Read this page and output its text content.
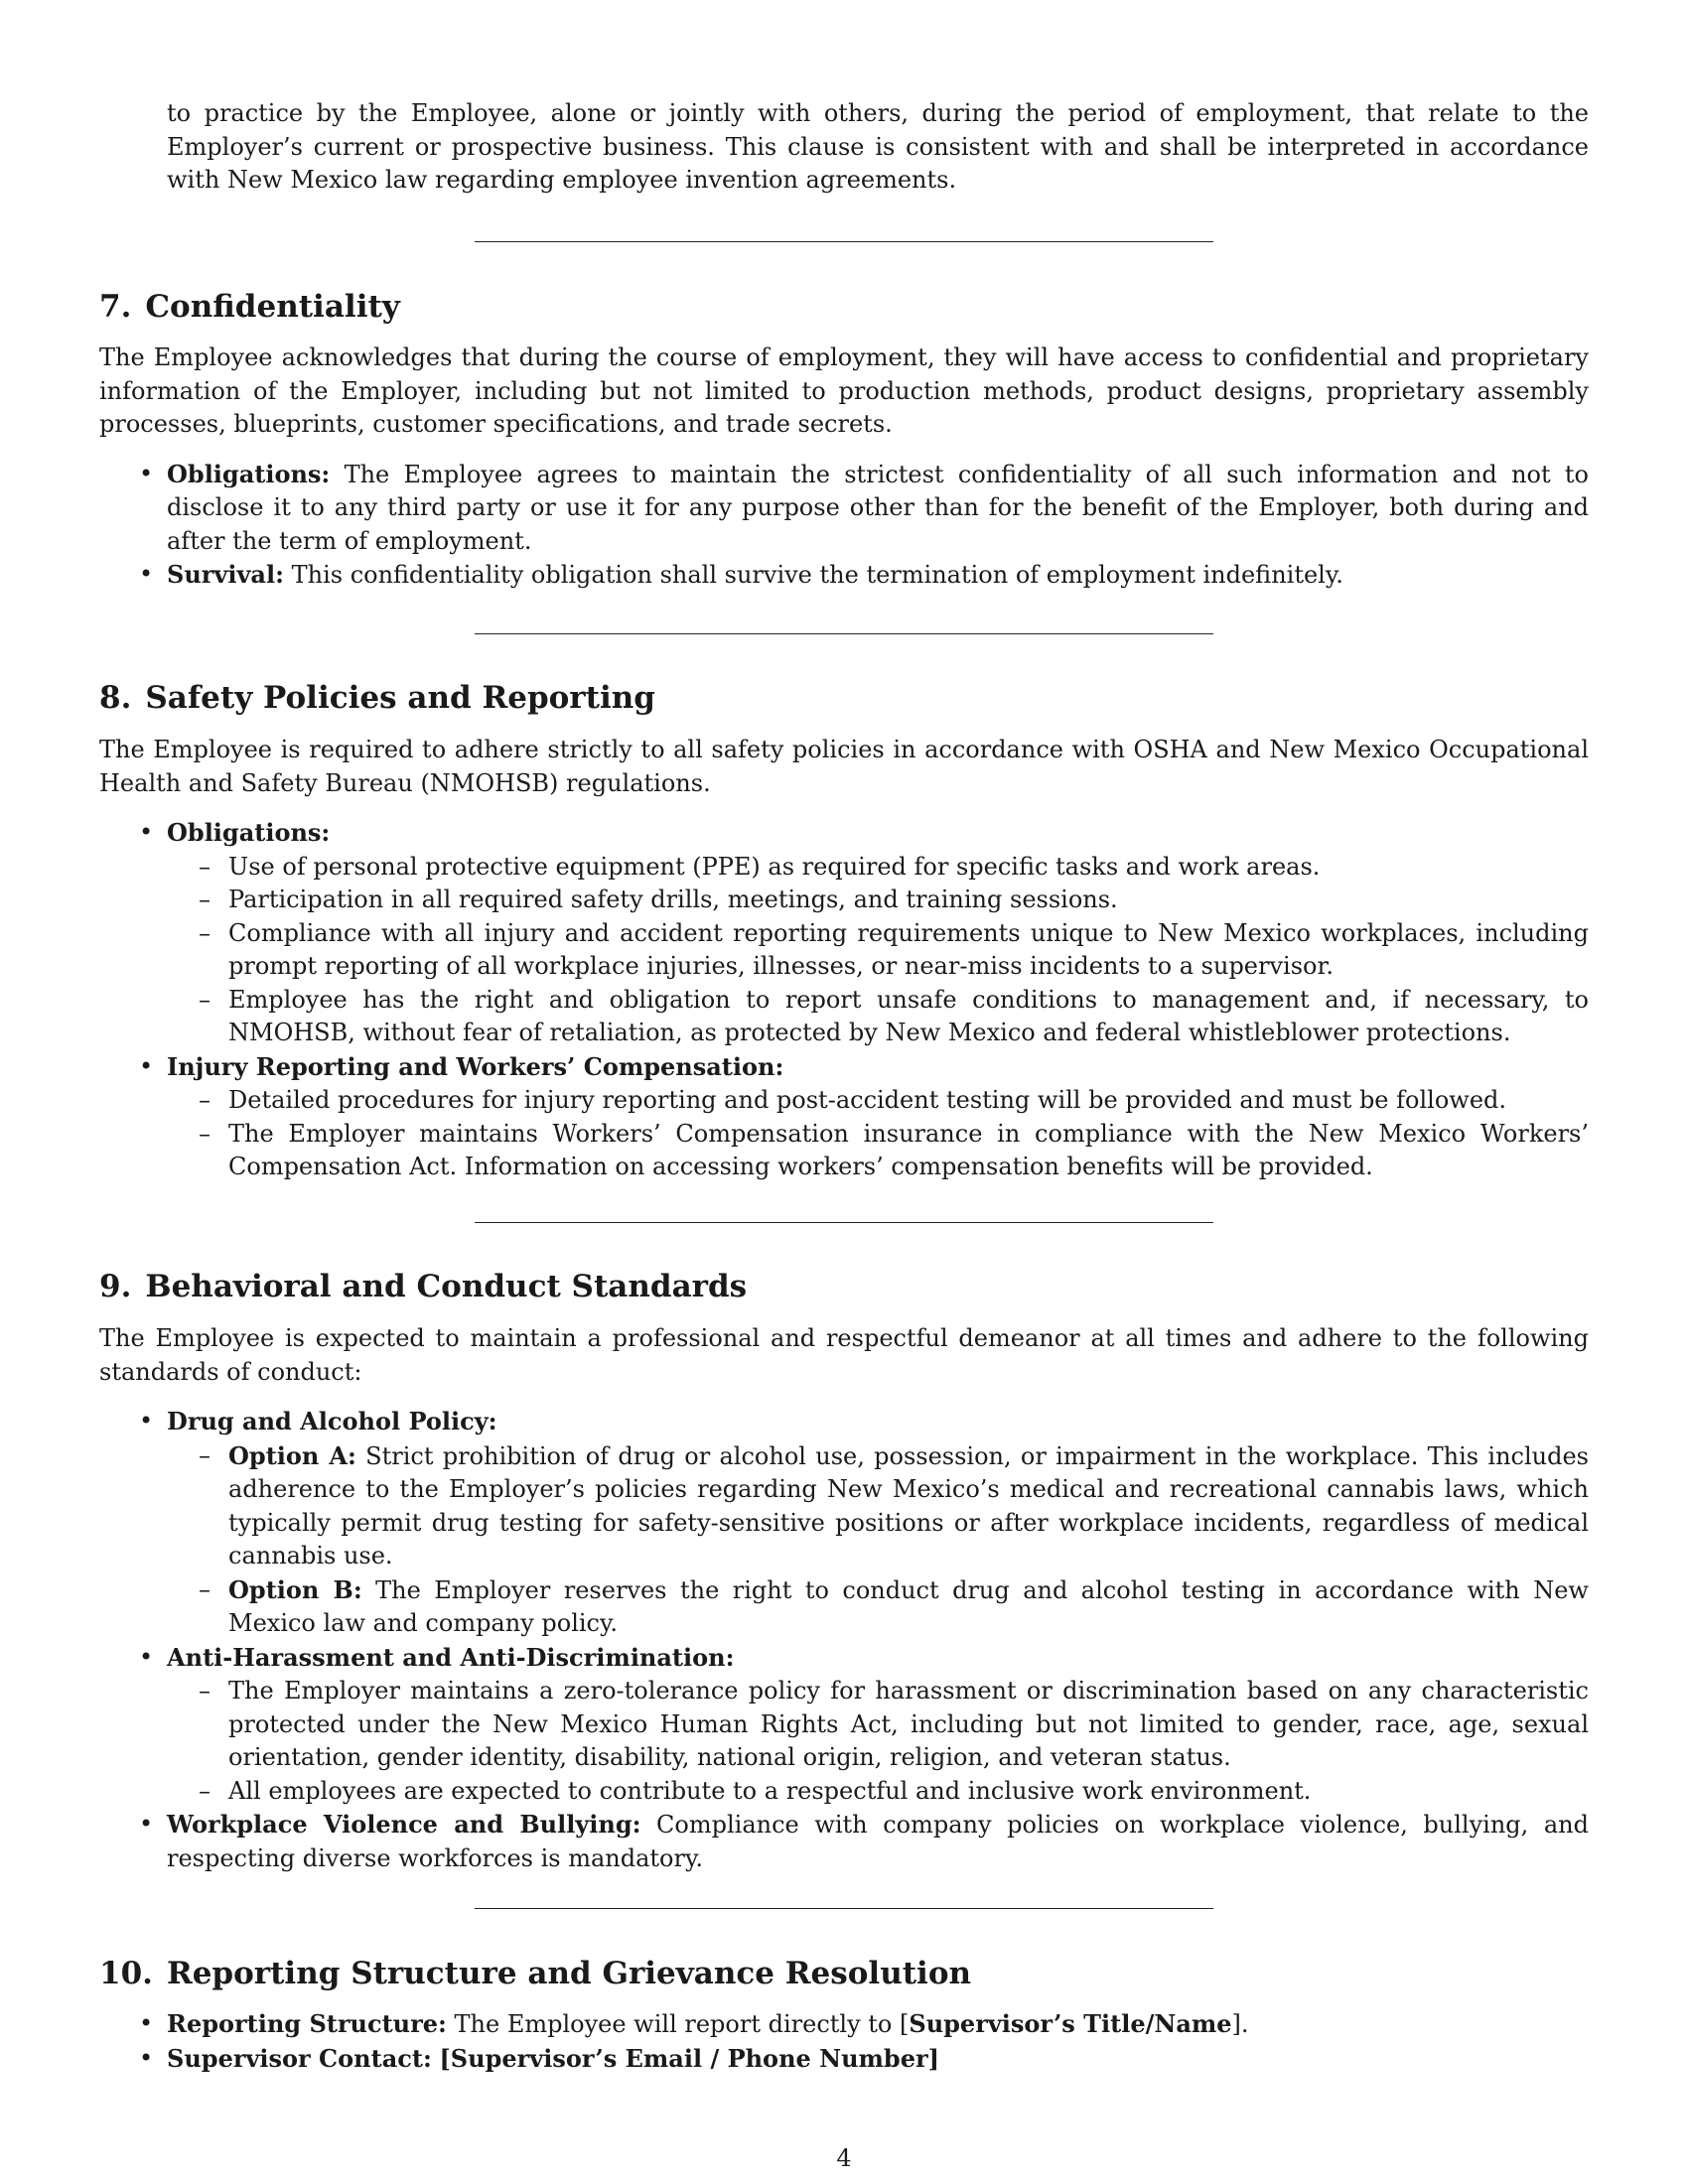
to practice by the Employee, alone or jointly with others, during the period of employment, that relate to the Employer’s current or prospective business. This clause is consistent with and shall be interpreted in accordance with New Mexico law regarding employee invention agreements.

7. Confidentiality

The Employee acknowledges that during the course of employment, they will have access to confidential and proprietary information of the Employer, including but not limited to production methods, product designs, proprietary assembly processes, blueprints, customer specifications, and trade secrets.

• Obligations: The Employee agrees to maintain the strictest confidentiality of all such information and not to disclose it to any third party or use it for any purpose other than for the benefit of the Employer, both during and after the term of employment.
• Survival: This confidentiality obligation shall survive the termination of employment indefinitely.
8. Safety Policies and Reporting

The Employee is required to adhere strictly to all safety policies in accordance with OSHA and New Mexico Occupational Health and Safety Bureau (NMOHSB) regulations.

• Obligations:
– Use of personal protective equipment (PPE) as required for specific tasks and work areas.
– Participation in all required safety drills, meetings, and training sessions.
– Compliance with all injury and accident reporting requirements unique to New Mexico workplaces, including prompt reporting of all workplace injuries, illnesses, or near-miss incidents to a supervisor.
– Employee has the right and obligation to report unsafe conditions to management and, if necessary, to NMOHSB, without fear of retaliation, as protected by New Mexico and federal whistleblower protections.
• Injury Reporting and Workers’ Compensation:
– Detailed procedures for injury reporting and post-accident testing will be provided and must be followed.
– The Employer maintains Workers’ Compensation insurance in compliance with the New Mexico Workers’ Compensation Act. Information on accessing workers’ compensation benefits will be provided.
9. Behavioral and Conduct Standards

The Employee is expected to maintain a professional and respectful demeanor at all times and adhere to the following standards of conduct:

• Drug and Alcohol Policy:
– Option A: Strict prohibition of drug or alcohol use, possession, or impairment in the workplace. This includes adherence to the Employer’s policies regarding New Mexico’s medical and recreational cannabis laws, which typically permit drug testing for safety-sensitive positions or after workplace incidents, regardless of medical cannabis use.
– Option B: The Employer reserves the right to conduct drug and alcohol testing in accordance with New Mexico law and company policy.
• Anti-Harassment and Anti-Discrimination:
– The Employer maintains a zero-tolerance policy for harassment or discrimination based on any characteristic protected under the New Mexico Human Rights Act, including but not limited to gender, race, age, sexual orientation, gender identity, disability, national origin, religion, and veteran status.
– All employees are expected to contribute to a respectful and inclusive work environment.
• Workplace Violence and Bullying: Compliance with company policies on workplace violence, bullying, and respecting diverse workforces is mandatory.
10. Reporting Structure and Grievance Resolution
• Reporting Structure: The Employee will report directly to [Supervisor’s Title/Name].
• Supervisor Contact: [Supervisor’s Email / Phone Number]
4
